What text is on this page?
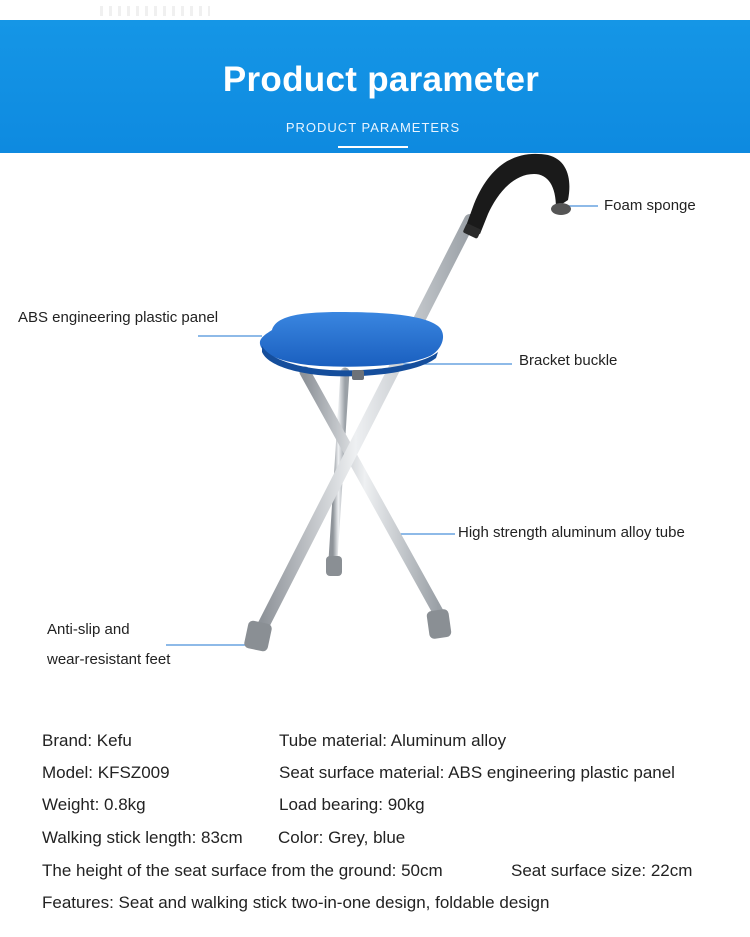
Product parameter
PRODUCT PARAMETERS
Foam sponge
ABS engineering plastic panel
Bracket buckle
High strength aluminum alloy tube
Anti-slip and
wear-resistant feet
Brand: Kefu	Tube material: Aluminum alloy
Model: KFSZ009	Seat surface material: ABS engineering plastic panel
Weight: 0.8kg	Load bearing: 90kg
Walking stick length: 83cm Color: Grey, blue
The height of the seat surface from the ground: 50cm	Seat surface size: 22cm
Features: Seat and walking stick two-in-one design, foldable design
